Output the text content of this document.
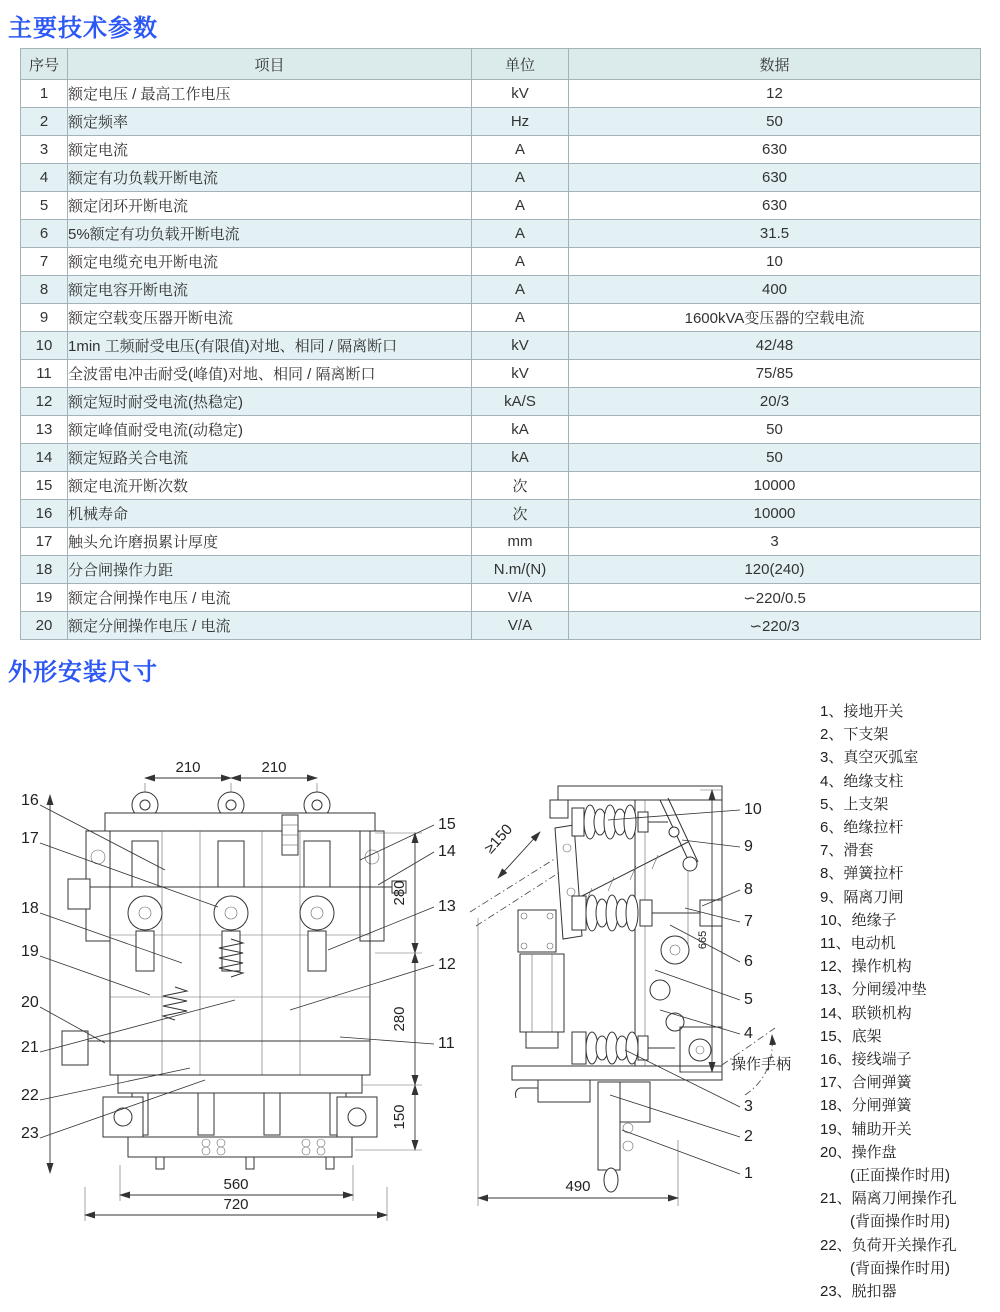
主要技术参数
序号	项目	单位	数据
1	额定电压 / 最高工作电压	kV	12
2	额定频率	Hz	50
3	额定电流	A	630
4	额定有功负载开断电流	A	630
5	额定闭环开断电流	A	630
6	5%额定有功负载开断电流	A	31.5
7	额定电缆充电开断电流	A	10
8	额定电容开断电流	A	400
9	额定空载变压器开断电流	A	1600kVA变压器的空载电流
10	1min 工频耐受电压(有限值)对地、相同 / 隔离断口	kV	42/48
11	全波雷电冲击耐受(峰值)对地、相同 / 隔离断口	kV	75/85
12	额定短时耐受电流(热稳定)	kA/S	20/3
13	额定峰值耐受电流(动稳定)	kA	50
14	额定短路关合电流	kA	50
15	额定电流开断次数	次	10000
16	机械寿命	次	10000
17	触头允许磨损累计厚度	mm	3
18	分合闸操作力距	N.m/(N)	120(240)
19	额定合闸操作电压 / 电流	V/A	∽220/0.5
20	额定分闸操作电压 / 电流	V/A	∽220/3
外形安装尺寸
210	210
280
280
150
560
720
16
17
18
19
20
21
22
23
15
14
13
12
11
≥150
操作手柄
665
490
10
9
8
7
6
5
4
3
2
1
1、接地开关
2、下支架
3、真空灭弧室
4、绝缘支柱
5、上支架
6、绝缘拉杆
7、滑套
8、弹簧拉杆
9、隔离刀闸
10、绝缘子
11、电动机
12、操作机构
13、分闸缓冲垫
14、联锁机构
15、底架
16、接线端子
17、合闸弹簧
18、分闸弹簧
19、辅助开关
20、操作盘
　　(正面操作时用)
21、隔离刀闸操作孔
　　(背面操作时用)
22、负荷开关操作孔
　　(背面操作时用)
23、脱扣器
